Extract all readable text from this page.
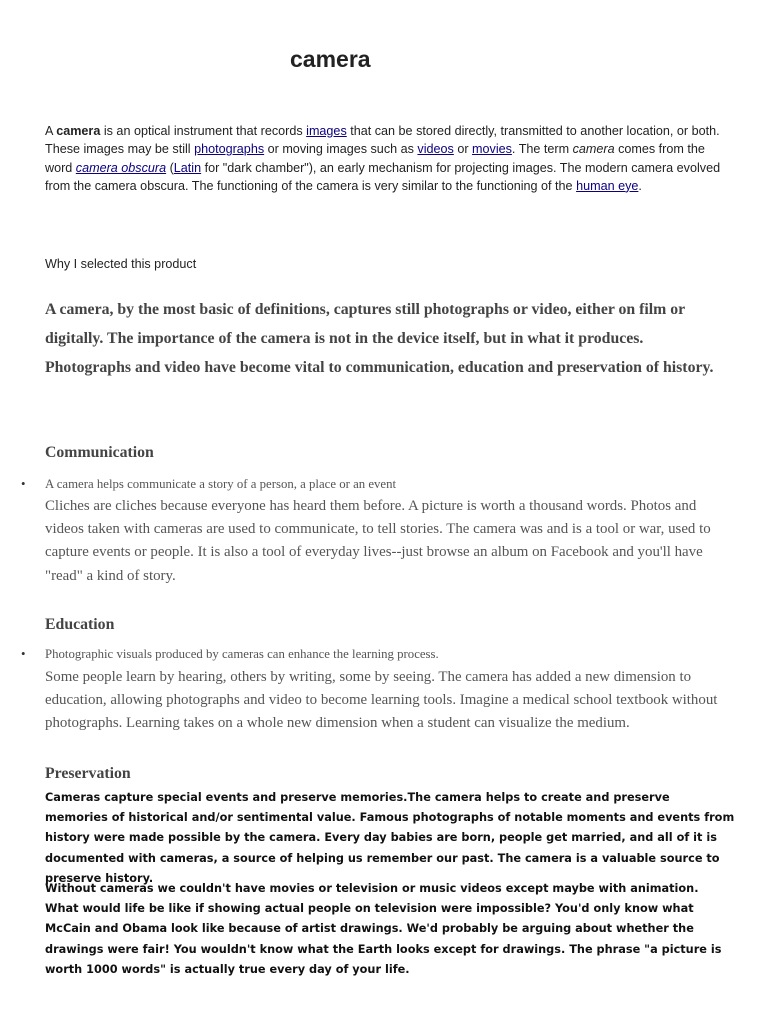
camera
A camera is an optical instrument that records images that can be stored directly, transmitted to another location, or both. These images may be still photographs or moving images such as videos or movies. The term camera comes from the word camera obscura (Latin for "dark chamber"), an early mechanism for projecting images. The modern camera evolved from the camera obscura. The functioning of the camera is very similar to the functioning of the human eye.
Why I selected this product
A camera, by the most basic of definitions, captures still photographs or video, either on film or digitally. The importance of the camera is not in the device itself, but in what it produces. Photographs and video have become vital to communication, education and preservation of history.
Communication
• A camera helps communicate a story of a person, a place or an event
Cliches are cliches because everyone has heard them before. A picture is worth a thousand words. Photos and videos taken with cameras are used to communicate, to tell stories. The camera was and is a tool or war, used to capture events or people. It is also a tool of everyday lives--just browse an album on Facebook and you'll have "read" a kind of story.
Education
• Photographic visuals produced by cameras can enhance the learning process.
Some people learn by hearing, others by writing, some by seeing. The camera has added a new dimension to education, allowing photographs and video to become learning tools. Imagine a medical school textbook without photographs. Learning takes on a whole new dimension when a student can visualize the medium.
Preservation
Cameras capture special events and preserve memories.The camera helps to create and preserve memories of historical and/or sentimental value. Famous photographs of notable moments and events from history were made possible by the camera. Every day babies are born, people get married, and all of it is documented with cameras, a source of helping us remember our past. The camera is a valuable source to preserve history.
Without cameras we couldn't have movies or television or music videos except maybe with animation. What would life be like if showing actual people on television were impossible? You'd only know what McCain and Obama look like because of artist drawings. We'd probably be arguing about whether the drawings were fair! You wouldn't know what the Earth looks except for drawings. The phrase "a picture is worth 1000 words" is actually true every day of your life.
